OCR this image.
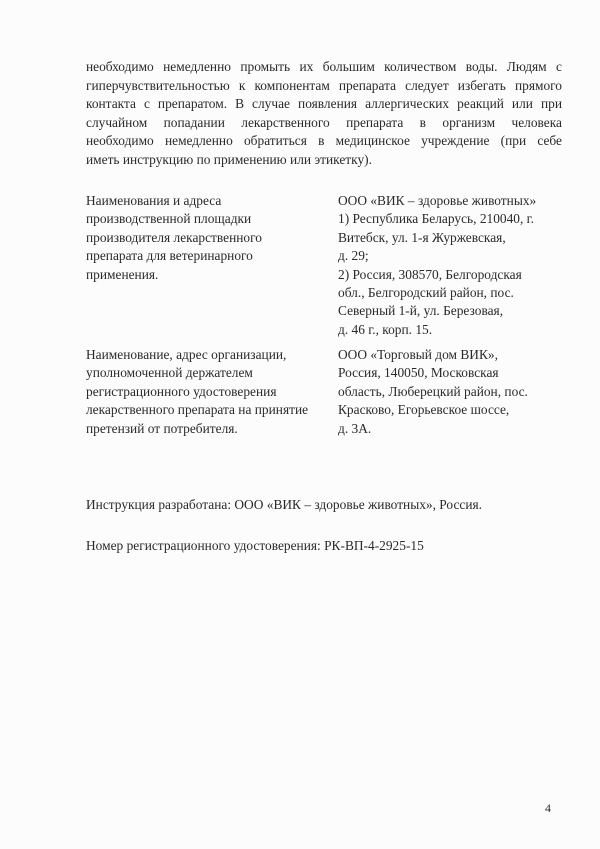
необходимо немедленно промыть их большим количеством воды. Людям с
гиперчувствительностью к компонентам препарата следует избегать прямого
контакта с препаратом. В случае появления аллергических реакций или при
случайном попадании лекарственного препарата в организм человека
необходимо немедленно обратиться в медицинское учреждение (при себе
иметь инструкцию по применению или этикетку).
Наименования и адреса
производственной площадки
производителя лекарственного
препарата для ветеринарного
применения.
ООО «ВИК – здоровье животных»
1) Республика Беларусь, 210040, г.
Витебск, ул. 1-я Журжевская,
д. 29;
2) Россия, 308570, Белгородская
обл., Белгородский район, пос.
Северный 1-й, ул. Березовая,
д. 46 г., корп. 15.
Наименование, адрес организации,
уполномоченной держателем
регистрационного удостоверения
лекарственного препарата на принятие
претензий от потребителя.
ООО «Торговый дом ВИК»,
Россия, 140050, Московская
область, Люберецкий район, пос.
Красково, Егорьевское шоссе,
д. 3А.
Инструкция разработана: ООО «ВИК – здоровье животных», Россия.
Номер регистрационного удостоверения: РК-ВП-4-2925-15
4
